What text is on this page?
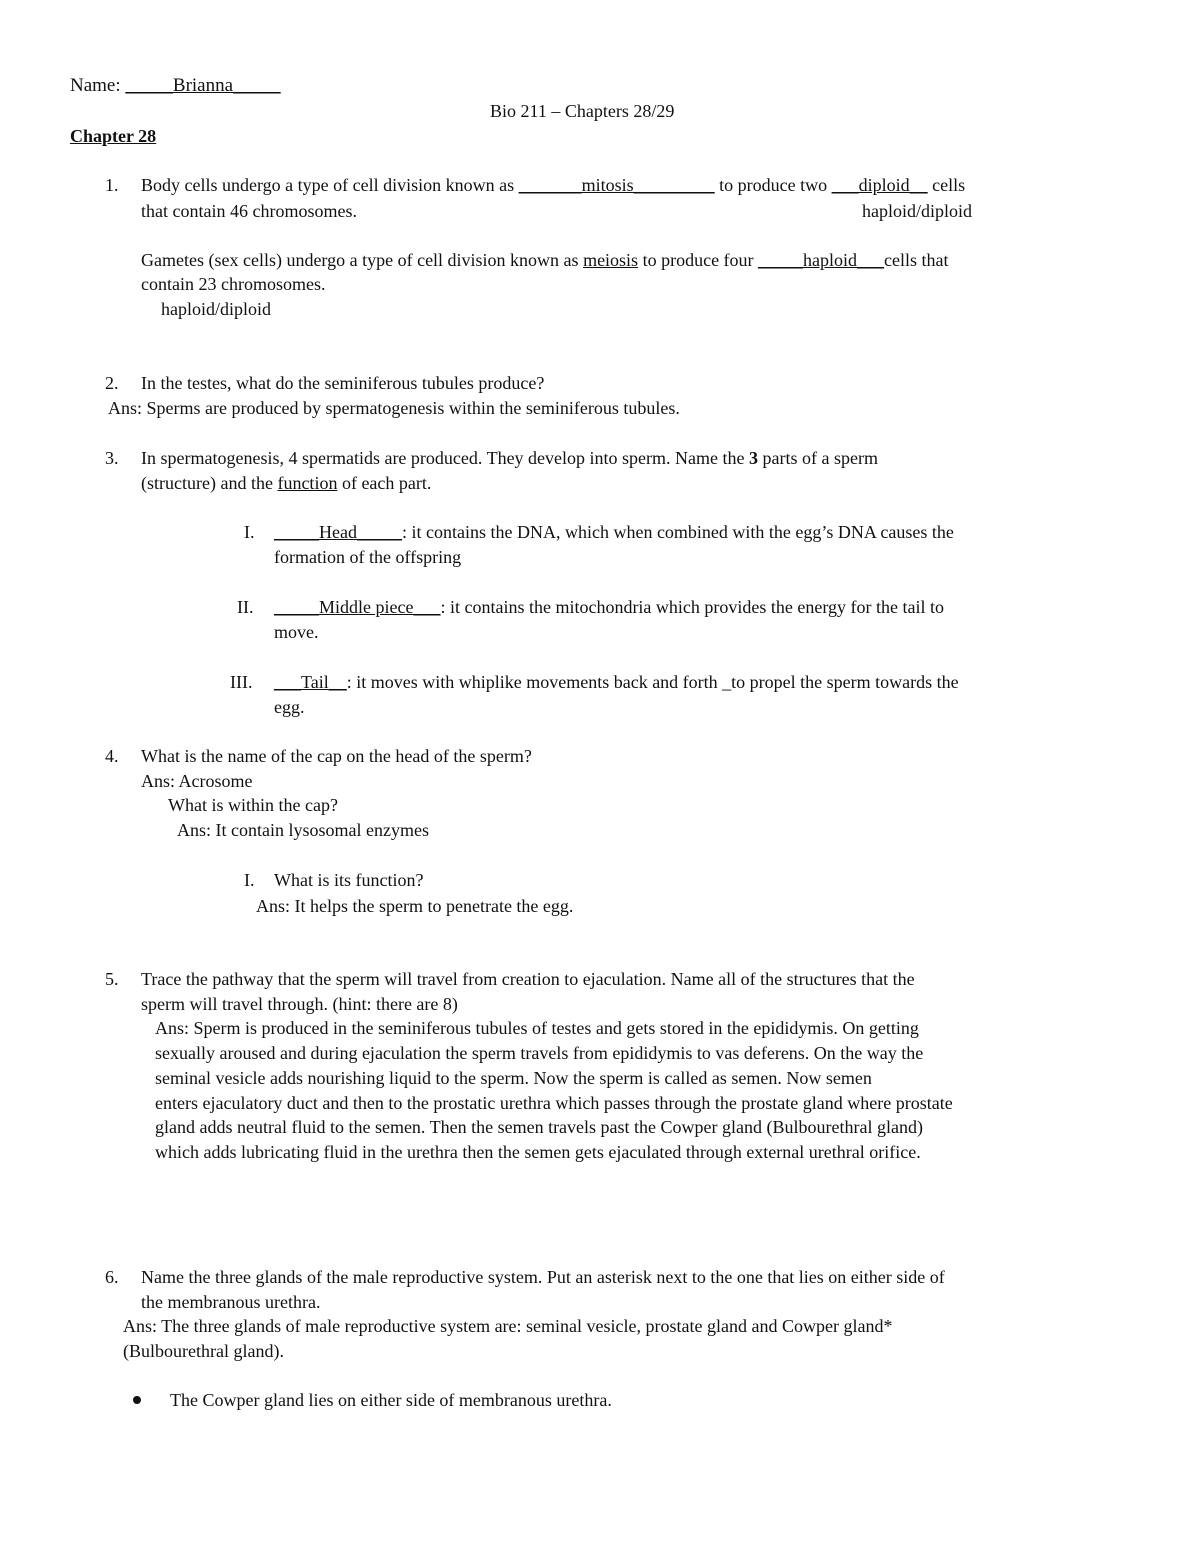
Name: _____Brianna_____
Bio 211 – Chapters 28/29
Chapter 28
1. Body cells undergo a type of cell division known as _______mitosis_________ to produce two ___diploid__ cells
that contain 46 chromosomes.	haploid/diploid
Gametes (sex cells) undergo a type of cell division known as meiosis to produce four _____haploid___cells that
contain 23 chromosomes.
haploid/diploid
2. In the testes, what do the seminiferous tubules produce?
Ans: Sperms are produced by spermatogenesis within the seminiferous tubules.
3. In spermatogenesis, 4 spermatids are produced. They develop into sperm. Name the 3 parts of a sperm
(structure) and the function of each part.
I. _____Head_____: it contains the DNA, which when combined with the egg’s DNA causes the
formation of the offspring
II. _____Middle piece___: it contains the mitochondria which provides the energy for the tail to
move.
III. ___Tail__: it moves with whiplike movements back and forth _to propel the sperm towards the
egg.
4. What is the name of the cap on the head of the sperm?
Ans: Acrosome
What is within the cap?
Ans: It contain lysosomal enzymes
I. What is its function?
Ans: It helps the sperm to penetrate the egg.
5. Trace the pathway that the sperm will travel from creation to ejaculation. Name all of the structures that the
sperm will travel through. (hint: there are 8)
Ans: Sperm is produced in the seminiferous tubules of testes and gets stored in the epididymis. On getting
sexually aroused and during ejaculation the sperm travels from epididymis to vas deferens. On the way the
seminal vesicle adds nourishing liquid to the sperm. Now the sperm is called as semen. Now semen
enters ejaculatory duct and then to the prostatic urethra which passes through the prostate gland where prostate
gland adds neutral fluid to the semen. Then the semen travels past the Cowper gland (Bulbourethral gland)
which adds lubricating fluid in the urethra then the semen gets ejaculated through external urethral orifice.
6. Name the three glands of the male reproductive system. Put an asterisk next to the one that lies on either side of
the membranous urethra.
Ans: The three glands of male reproductive system are: seminal vesicle, prostate gland and Cowper gland*
(Bulbourethral gland).
The Cowper gland lies on either side of membranous urethra.
